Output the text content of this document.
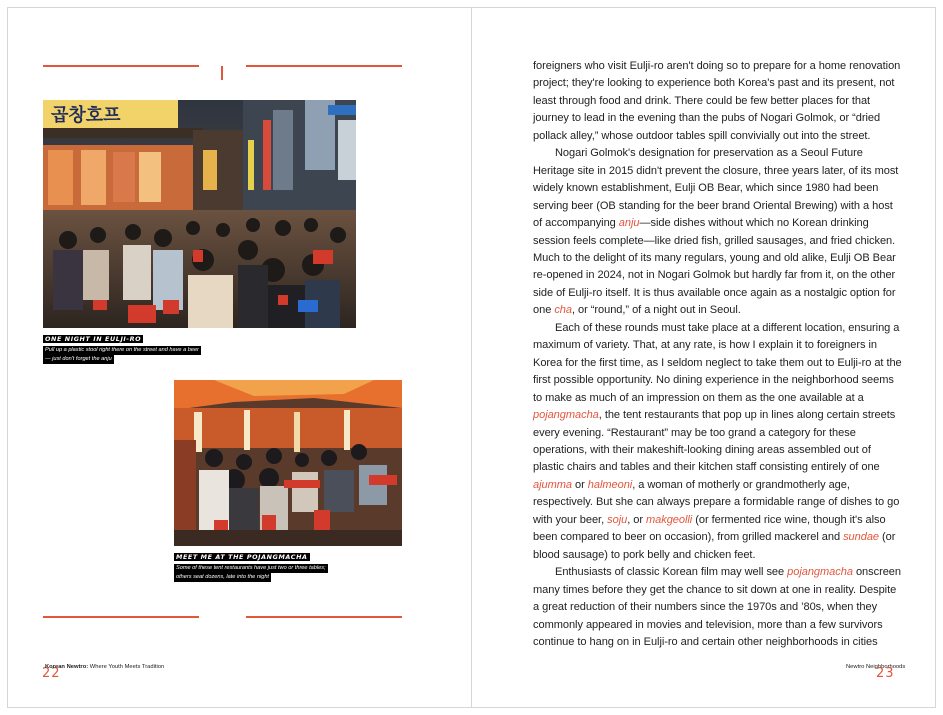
곱창호프
ONE NIGHT IN EULJI-RO
Pull up a plastic stool right there on the street and have a beer
— just don't forget the anju
MEET ME AT THE POJANGMACHA
Some of these tent restaurants have just two or three tables;
others seat dozens, late into the night
22
Korean Newtro: Where Youth Meets Tradition

foreigners who visit Eulji-ro aren't doing so to prepare for a home renovation project; they're looking to experience both Korea's past and its present, not least through food and drink. There could be few better places for that journey to lead in the evening than the pubs of Nogari Golmok, or “dried pollack alley,” whose outdoor tables spill convivially out into the street.

Nogari Golmok's designation for preservation as a Seoul Future Heritage site in 2015 didn't prevent the closure, three years later, of its most widely known establishment, Eulji OB Bear, which since 1980 had been serving beer (OB standing for the beer brand Oriental Brewing) with a host of accompanying anju—side dishes without which no Korean drinking session feels complete—like dried fish, grilled sausages, and fried chicken. Much to the delight of its many regulars, young and old alike, Eulji OB Bear re-opened in 2024, not in Nogari Golmok but hardly far from it, on the other side of Eulji-ro itself. It is thus available once again as a nostalgic option for one cha, or “round,” of a night out in Seoul.

Each of these rounds must take place at a different location, ensuring a maximum of variety. That, at any rate, is how I explain it to foreigners in Korea for the first time, as I seldom neglect to take them out to Eulji-ro at the first possible opportunity. No dining experience in the neighborhood seems to make as much of an impression on them as the one available at a pojangmacha, the tent restaurants that pop up in lines along certain streets every evening. “Restaurant” may be too grand a category for these operations, with their makeshift-looking dining areas assembled out of plastic chairs and tables and their kitchen staff consisting entirely of one ajumma or halmeoni, a woman of motherly or grandmotherly age, respectively. But she can always prepare a formidable range of dishes to go with your beer, soju, or makgeolli (or fermented rice wine, though it's also been compared to beer on occasion), from grilled mackerel and sundae (or blood sausage) to pork belly and chicken feet.

Enthusiasts of classic Korean film may well see pojangmacha onscreen many times before they get the chance to sit down at one in reality. Despite a great reduction of their numbers since the 1970s and ’80s, when they commonly appeared in movies and television, more than a few survivors continue to hang on in Eulji-ro and certain other neighborhoods in cities

Newtro Neighborhoods
23
